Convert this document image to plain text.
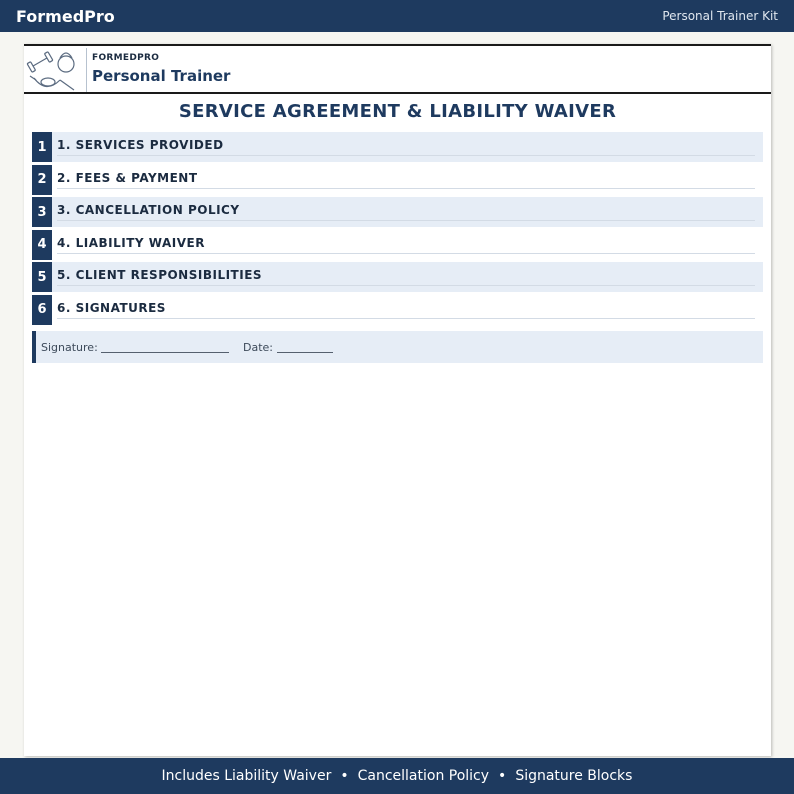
FormedPro	Personal Trainer Kit
FORMEDPRO
Personal Trainer
SERVICE AGREEMENT & LIABILITY WAIVER
1 1. SERVICES PROVIDED
2 2. FEES & PAYMENT
3 3. CANCELLATION POLICY
4 4. LIABILITY WAIVER
5 5. CLIENT RESPONSIBILITIES
6 6. SIGNATURES
Signature:	Date:
Includes Liability Waiver • Cancellation Policy • Signature Blocks
